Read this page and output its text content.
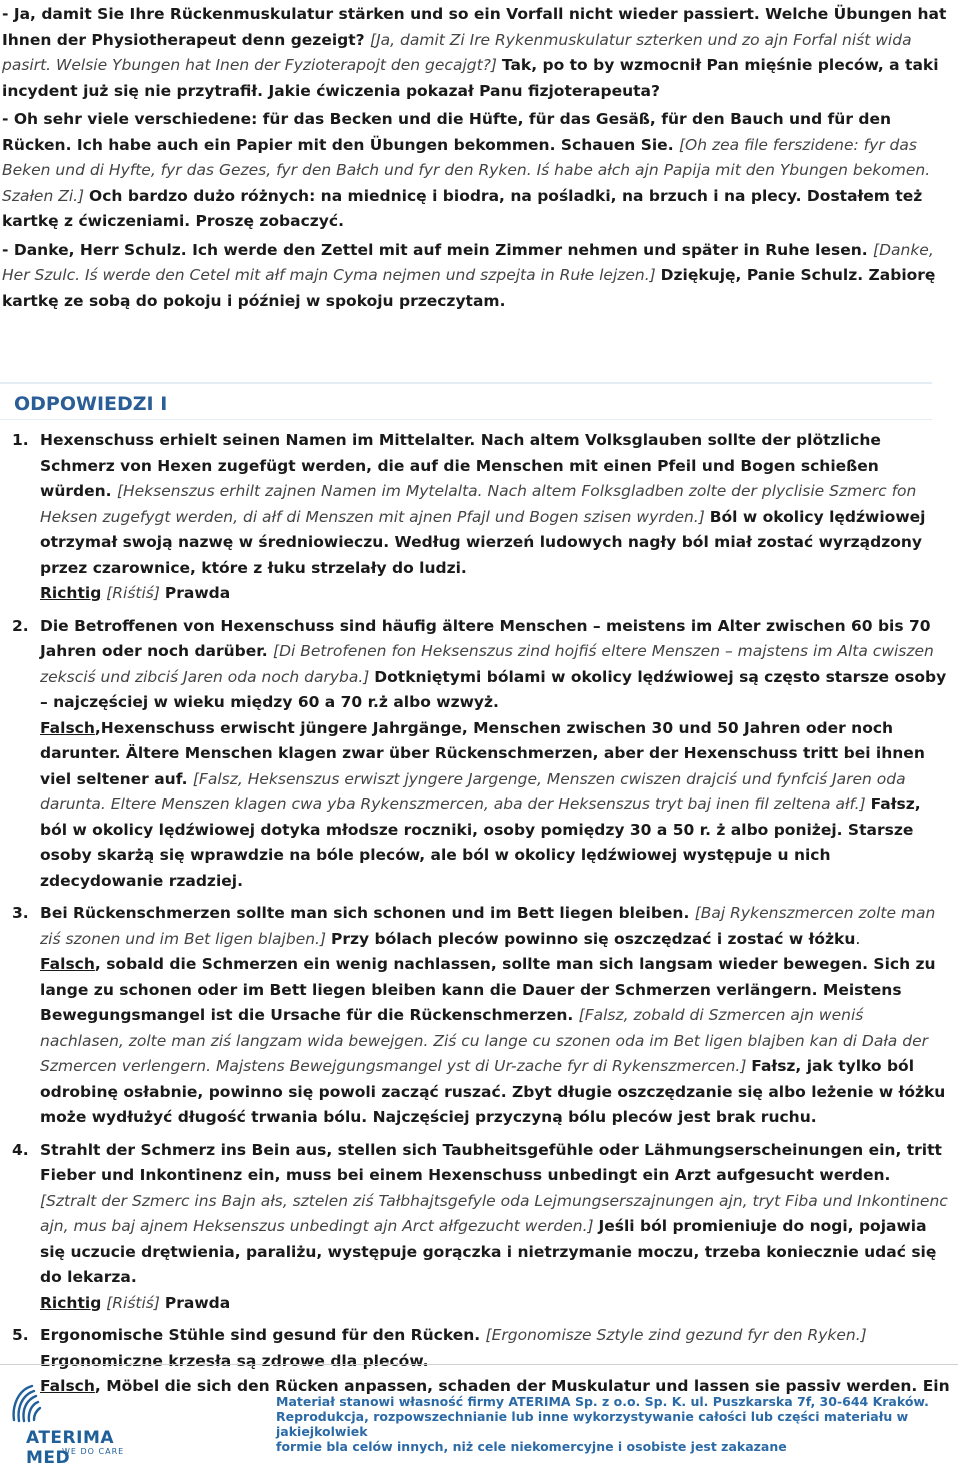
- Ja, damit Sie Ihre Rückenmuskulatur stärken und so ein Vorfall nicht wieder passiert. Welche Übungen hat Ihnen der Physiotherapeut denn gezeigt? [Ja, damit Zi Ire Rykenmuskulatur szterken und zo ajn Forfal niśt wida pasirt. Welsie Ybungen hat Inen der Fyzioterapojt den gecajgt?] Tak, po to by wzmocnił Pan mięśnie pleców, a taki incydent już się nie przytrafił. Jakie ćwiczenia pokazał Panu fizjoterapeuta?

- Oh sehr viele verschiedene: für das Becken und die Hüfte, für das Gesäß, für den Bauch und für den Rücken. Ich habe auch ein Papier mit den Übungen bekommen. Schauen Sie. [Oh zea file ferszidene: fyr das Beken und di Hyfte, fyr das Gezes, fyr den Bałch und fyr den Ryken. Iś habe ałch ajn Papija mit den Ybungen bekomen. Szałen Zi.] Och bardzo dużo różnych: na miednicę i biodra, na pośladki, na brzuch i na plecy. Dostałem też kartkę z ćwiczeniami. Proszę zobaczyć.

- Danke, Herr Schulz. Ich werde den Zettel mit auf mein Zimmer nehmen und später in Ruhe lesen. [Danke, Her Szulc. Iś werde den Cetel mit ałf majn Cyma nejmen und szpejta in Rułe lejzen.] Dziękuję, Panie Schulz. Zabiorę kartkę ze sobą do pokoju i później w spokoju przeczytam.

ODPOWIEDZI I
1. Hexenschuss erhielt seinen Namen im Mittelalter. Nach altem Volksglauben sollte der plötzliche Schmerz von Hexen zugefügt werden, die auf die Menschen mit einen Pfeil und Bogen schießen würden. [Heksenszus erhilt zajnen Namen im Mytelalta. Nach altem Folksgladben zolte der plyclisie Szmerc fon Heksen zugefygt werden, di ałf di Menszen mit ajnen Pfajl und Bogen szisen wyrden.] Ból w okolicy lędźwiowej otrzymał swoją nazwę w średniowieczu. Według wierzeń ludowych nagły ból miał zostać wyrządzony przez czarownice, które z łuku strzelały do ludzi.
Richtig [Riśtiś] Prawda
2. Die Betroffenen von Hexenschuss sind häufig ältere Menschen – meistens im Alter zwischen 60 bis 70 Jahren oder noch darüber. [Di Betrofenen fon Heksenszus zind hojfiś eltere Menszen – majstens im Alta cwiszen zeksciś und zibciś Jaren oda noch daryba.] Dotkniętymi bólami w okolicy lędźwiowej są często starsze osoby – najczęściej w wieku między 60 a 70 r.ż albo wzwyż.
Falsch,Hexenschuss erwischt jüngere Jahrgänge, Menschen zwischen 30 und 50 Jahren oder noch darunter. Ältere Menschen klagen zwar über Rückenschmerzen, aber der Hexenschuss tritt bei ihnen viel seltener auf. [Falsz, Heksenszus erwiszt jyngere Jargenge, Menszen cwiszen drajciś und fynfciś Jaren oda darunta. Eltere Menszen klagen cwa yba Rykenszmercen, aba der Heksenszus tryt baj inen fil zeltena ałf.] Fałsz, ból w okolicy lędźwiowej dotyka młodsze roczniki, osoby pomiędzy 30 a 50 r. ż albo poniżej. Starsze osoby skarżą się wprawdzie na bóle pleców, ale ból w okolicy lędźwiowej występuje u nich zdecydowanie rzadziej.
3. Bei Rückenschmerzen sollte man sich schonen und im Bett liegen bleiben. [Baj Rykenszmercen zolte man ziś szonen und im Bet ligen blajben.] Przy bólach pleców powinno się oszczędzać i zostać w łóżku.
Falsch, sobald die Schmerzen ein wenig nachlassen, sollte man sich langsam wieder bewegen. Sich zu lange zu schonen oder im Bett liegen bleiben kann die Dauer der Schmerzen verlängern. Meistens Bewegungsmangel ist die Ursache für die Rückenschmerzen. [Falsz, zobald di Szmercen ajn weniś nachlasen, zolte man ziś langzam wida bewejgen. Ziś cu lange cu szonen oda im Bet ligen blajben kan di Dała der Szmercen verlengern. Majstens Bewejgungsmangel yst di Ur-zache fyr di Rykenszmercen.] Fałsz, jak tylko ból odrobinę osłabnie, powinno się powoli zacząć ruszać. Zbyt długie oszczędzanie się albo leżenie w łóżku może wydłużyć długość trwania bólu. Najczęściej przyczyną bólu pleców jest brak ruchu.
4. Strahlt der Schmerz ins Bein aus, stellen sich Taubheitsgefühle oder Lähmungserscheinungen ein, tritt Fieber und Inkontinenz ein, muss bei einem Hexenschuss unbedingt ein Arzt aufgesucht werden. [Sztralt der Szmerc ins Bajn ałs, sztelen ziś Tałbhajtsgefyle oda Lejmungserszajnungen ajn, tryt Fiba und Inkontinenc ajn, mus baj ajnem Heksenszus unbedingt ajn Arct ałfgezucht werden.] Jeśli ból promieniuje do nogi, pojawia się uczucie drętwienia, paraliżu, występuje gorączka i nietrzymanie moczu, trzeba koniecznie udać się do lekarza.
Richtig [Riśtiś] Prawda
5. Ergonomische Stühle sind gesund für den Rücken. [Ergonomisze Sztyle zind gezund fyr den Ryken.]
Ergonomiczne krzesła są zdrowe dla pleców.
Falsch, Möbel die sich den Rücken anpassen, schaden der Muskulatur und lassen sie passiv werden. Ein
ATERIMA MED
WE DO CARE
Materiał stanowi własność firmy ATERIMA Sp. z o.o. Sp. K. ul. Puszkarska 7f, 30-644 Kraków.
Reprodukcja, rozpowszechnianie lub inne wykorzystywanie całości lub części materiału w jakiejkolwiek
formie bla celów innych, niż cele niekomercyjne i osobiste jest zakazane
